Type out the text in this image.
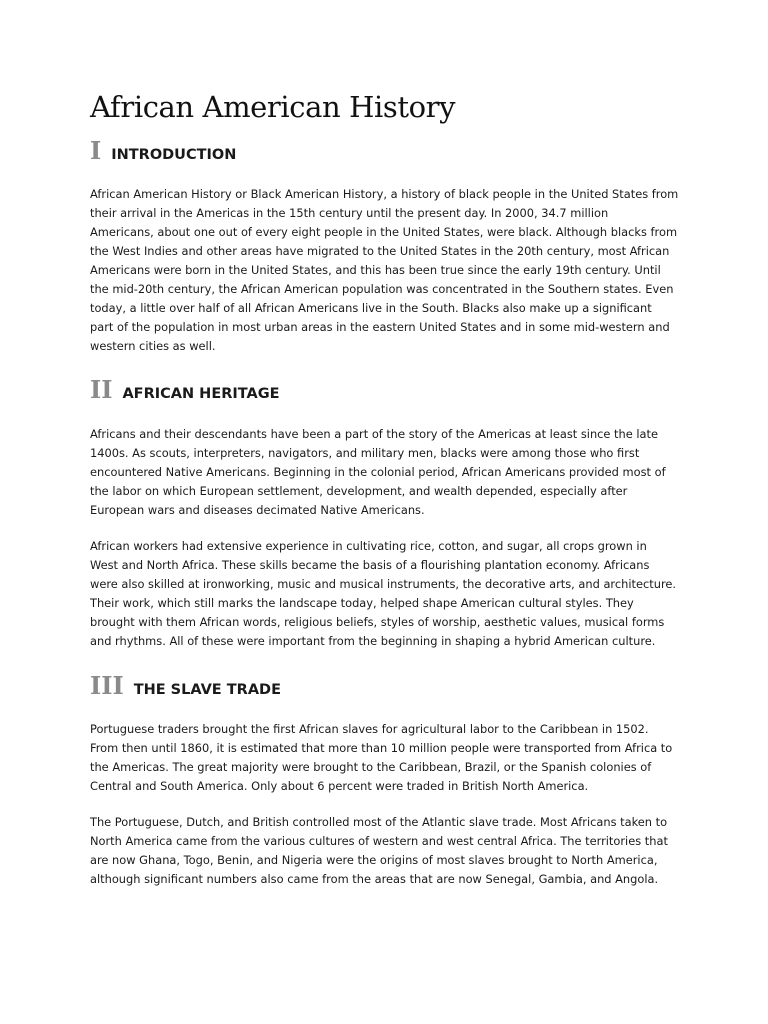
African American History
I INTRODUCTION

African American History or Black American History, a history of black people in the United States from
their arrival in the Americas in the 15th century until the present day. In 2000, 34.7 million
Americans, about one out of every eight people in the United States, were black. Although blacks from
the West Indies and other areas have migrated to the United States in the 20th century, most African
Americans were born in the United States, and this has been true since the early 19th century. Until
the mid-20th century, the African American population was concentrated in the Southern states. Even
today, a little over half of all African Americans live in the South. Blacks also make up a significant
part of the population in most urban areas in the eastern United States and in some mid-western and
western cities as well.

II AFRICAN HERITAGE

Africans and their descendants have been a part of the story of the Americas at least since the late
1400s. As scouts, interpreters, navigators, and military men, blacks were among those who first
encountered Native Americans. Beginning in the colonial period, African Americans provided most of
the labor on which European settlement, development, and wealth depended, especially after
European wars and diseases decimated Native Americans.

African workers had extensive experience in cultivating rice, cotton, and sugar, all crops grown in
West and North Africa. These skills became the basis of a flourishing plantation economy. Africans
were also skilled at ironworking, music and musical instruments, the decorative arts, and architecture.
Their work, which still marks the landscape today, helped shape American cultural styles. They
brought with them African words, religious beliefs, styles of worship, aesthetic values, musical forms
and rhythms. All of these were important from the beginning in shaping a hybrid American culture.

III THE SLAVE TRADE

Portuguese traders brought the first African slaves for agricultural labor to the Caribbean in 1502.
From then until 1860, it is estimated that more than 10 million people were transported from Africa to
the Americas. The great majority were brought to the Caribbean, Brazil, or the Spanish colonies of
Central and South America. Only about 6 percent were traded in British North America.

The Portuguese, Dutch, and British controlled most of the Atlantic slave trade. Most Africans taken to
North America came from the various cultures of western and west central Africa. The territories that
are now Ghana, Togo, Benin, and Nigeria were the origins of most slaves brought to North America,
although significant numbers also came from the areas that are now Senegal, Gambia, and Angola.
